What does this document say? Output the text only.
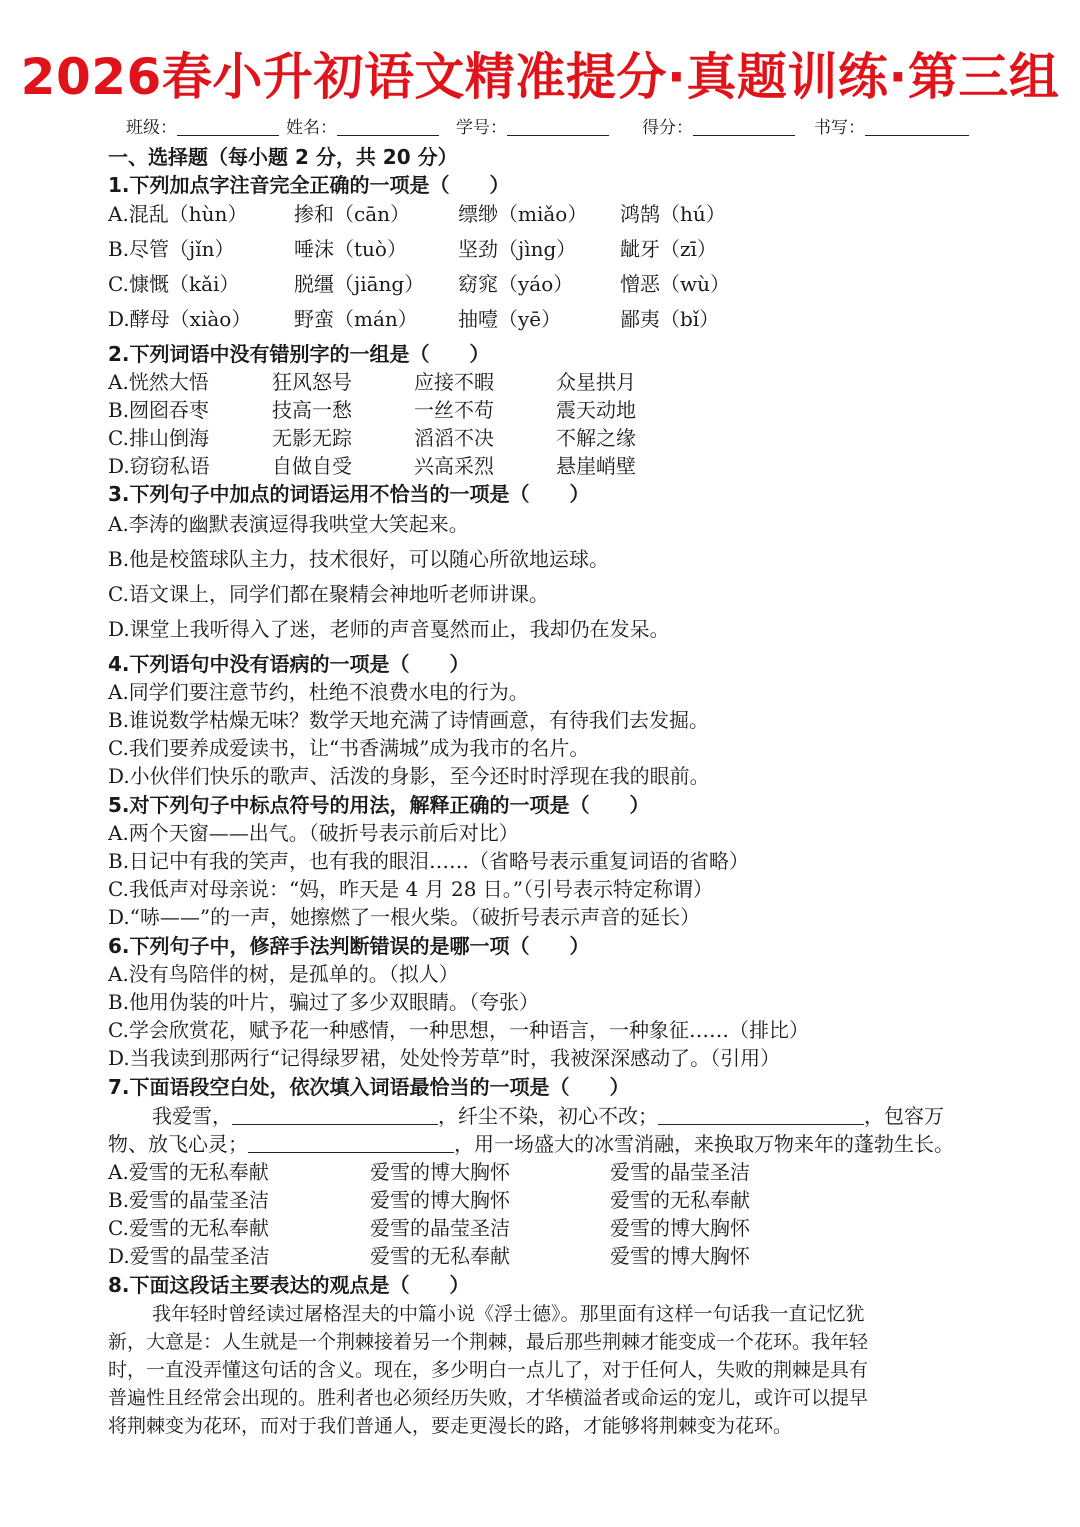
2026春小升初语文精准提分·真题训练·第三组
班级：	姓名：	学号：	得分：	书写：
一、选择题（每小题 2 分，共 20 分）
1.下列加点字注音完全正确的一项是（　　）
A.混乱（hùn） 掺和（cān） 缥缈（miǎo） 鸿鹄（hú）
B.尽管（jǐn）	唾沫（tuò）	坚劲（jìng） 龇牙（zī）
C.慷慨（kǎi）	脱缰（jiāng） 窈窕（yáo） 憎恶（wù）
D.酵母（xiào） 野蛮（mán） 抽噎（yē）	鄙夷（bǐ）
2.下列词语中没有错别字的一组是（　　）
A.恍然大悟	狂风怒号	应接不暇	众星拱月
B.囫囵吞枣	技高一愁	一丝不苟	震天动地
C.排山倒海	无影无踪	滔滔不决	不解之缘
D.窃窃私语	自做自受	兴高采烈	悬崖峭壁
3.下列句子中加点的词语运用不恰当的一项是（　　）
A.李涛的幽默表演逗得我哄堂大笑起来。
B.他是校篮球队主力，技术很好，可以随心所欲地运球。
C.语文课上，同学们都在聚精会神地听老师讲课。
D.课堂上我听得入了迷，老师的声音戛然而止，我却仍在发呆。
4.下列语句中没有语病的一项是（　　）
A.同学们要注意节约，杜绝不浪费水电的行为。
B.谁说数学枯燥无味？数学天地充满了诗情画意，有待我们去发掘。
C.我们要养成爱读书，让“书香满城”成为我市的名片。
D.小伙伴们快乐的歌声、活泼的身影，至今还时时浮现在我的眼前。
5.对下列句子中标点符号的用法，解释正确的一项是（　　）
A.两个天窗——出气。（破折号表示前后对比）
B.日记中有我的笑声，也有我的眼泪……（省略号表示重复词语的省略）
C.我低声对母亲说：“妈，昨天是 4 月 28 日。”（引号表示特定称谓）
D.“哧——”的一声，她擦燃了一根火柴。（破折号表示声音的延长）
6.下列句子中，修辞手法判断错误的是哪一项（　　）
A.没有鸟陪伴的树，是孤单的。（拟人）
B.他用伪装的叶片，骗过了多少双眼睛。（夸张）
C.学会欣赏花，赋予花一种感情，一种思想，一种语言，一种象征……（排比）
D.当我读到那两行“记得绿罗裙，处处怜芳草”时，我被深深感动了。（引用）
7.下面语段空白处，依次填入词语最恰当的一项是（　　）
我爱雪，	，纤尘不染，初心不改；	，包容万
物、放飞心灵；	，用一场盛大的冰雪消融，来换取万物来年的蓬勃生长。
A.爱雪的无私奉献	爱雪的博大胸怀	爱雪的晶莹圣洁
B.爱雪的晶莹圣洁	爱雪的博大胸怀	爱雪的无私奉献
C.爱雪的无私奉献	爱雪的晶莹圣洁	爱雪的博大胸怀
D.爱雪的晶莹圣洁	爱雪的无私奉献	爱雪的博大胸怀
8.下面这段话主要表达的观点是（　　）
我年轻时曾经读过屠格涅夫的中篇小说《浮士德》。那里面有这样一句话我一直记忆犹
新，大意是：人生就是一个荆棘接着另一个荆棘，最后那些荆棘才能变成一个花环。我年轻
时，一直没弄懂这句话的含义。现在，多少明白一点儿了，对于任何人，失败的荆棘是具有
普遍性且经常会出现的。胜利者也必须经历失败，才华横溢者或命运的宠儿，或许可以提早
将荆棘变为花环，而对于我们普通人，要走更漫长的路，才能够将荆棘变为花环。
